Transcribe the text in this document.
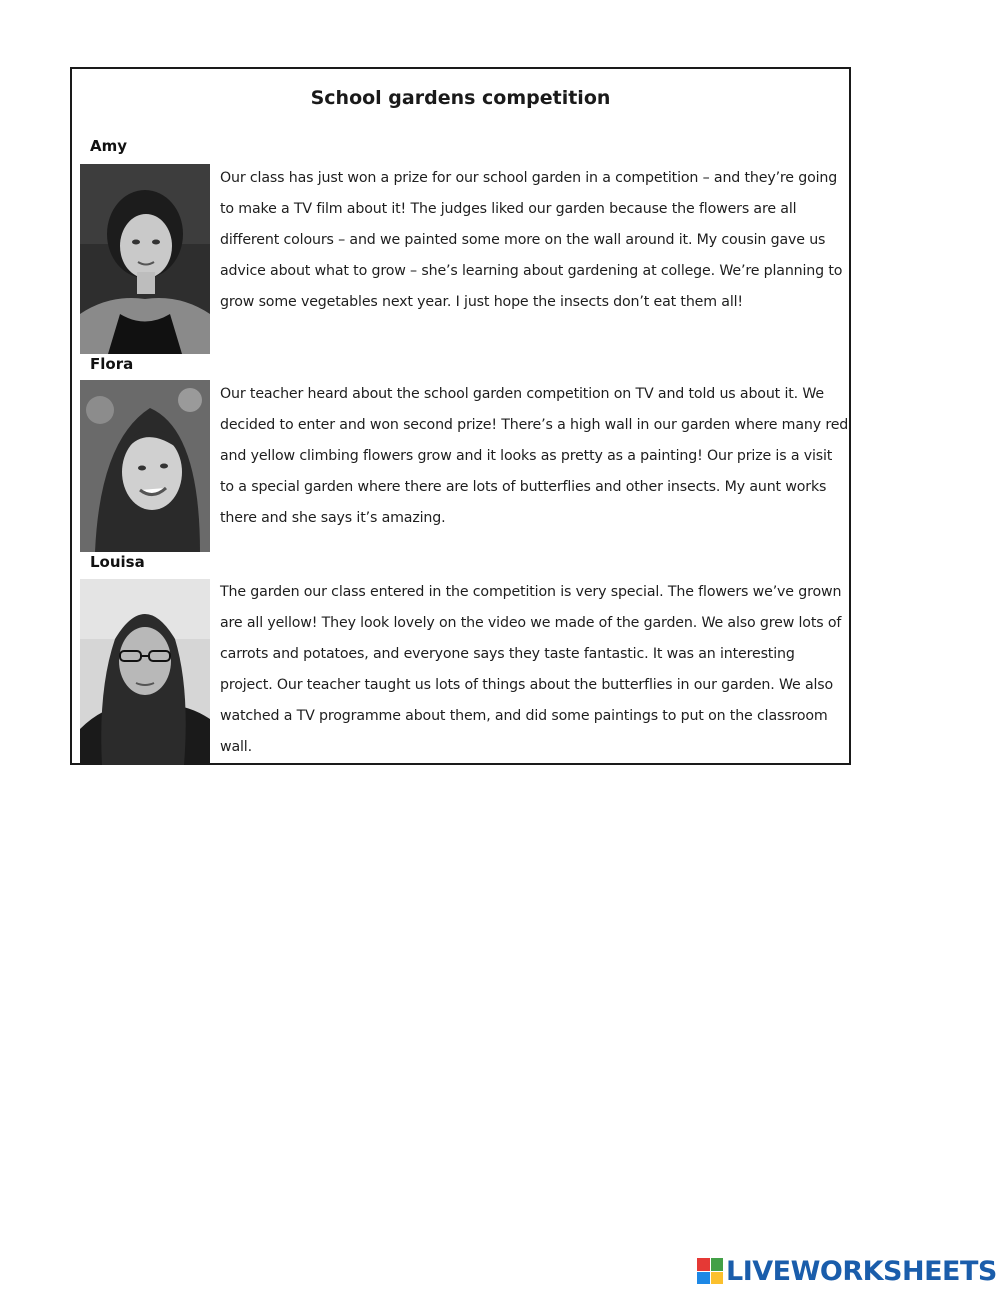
School gardens competition
Amy
Our class has just won a prize for our school garden in a competition – and they’re going to make a TV film about it! The judges liked our garden because the flowers are all different colours – and we painted some more on the wall around it. My cousin gave us advice about what to grow – she’s learning about gardening at college. We’re planning to grow some vegetables next year. I just hope the insects don’t eat them all!
Flora
Our teacher heard about the school garden competition on TV and told us about it. We decided to enter and won second prize! There’s a high wall in our garden where many red and yellow climbing flowers grow and it looks as pretty as a painting! Our prize is a visit to a special garden where there are lots of butterflies and other insects. My aunt works there and she says it’s amazing.
Louisa
The garden our class entered in the competition is very special. The flowers we’ve grown are all yellow! They look lovely on the video we made of the garden. We also grew lots of carrots and potatoes, and everyone says they taste fantastic. It was an interesting project. Our teacher taught us lots of things about the butterflies in our garden. We also watched a TV programme about them, and did some paintings to put on the classroom wall.
LIVEWORKSHEETS
